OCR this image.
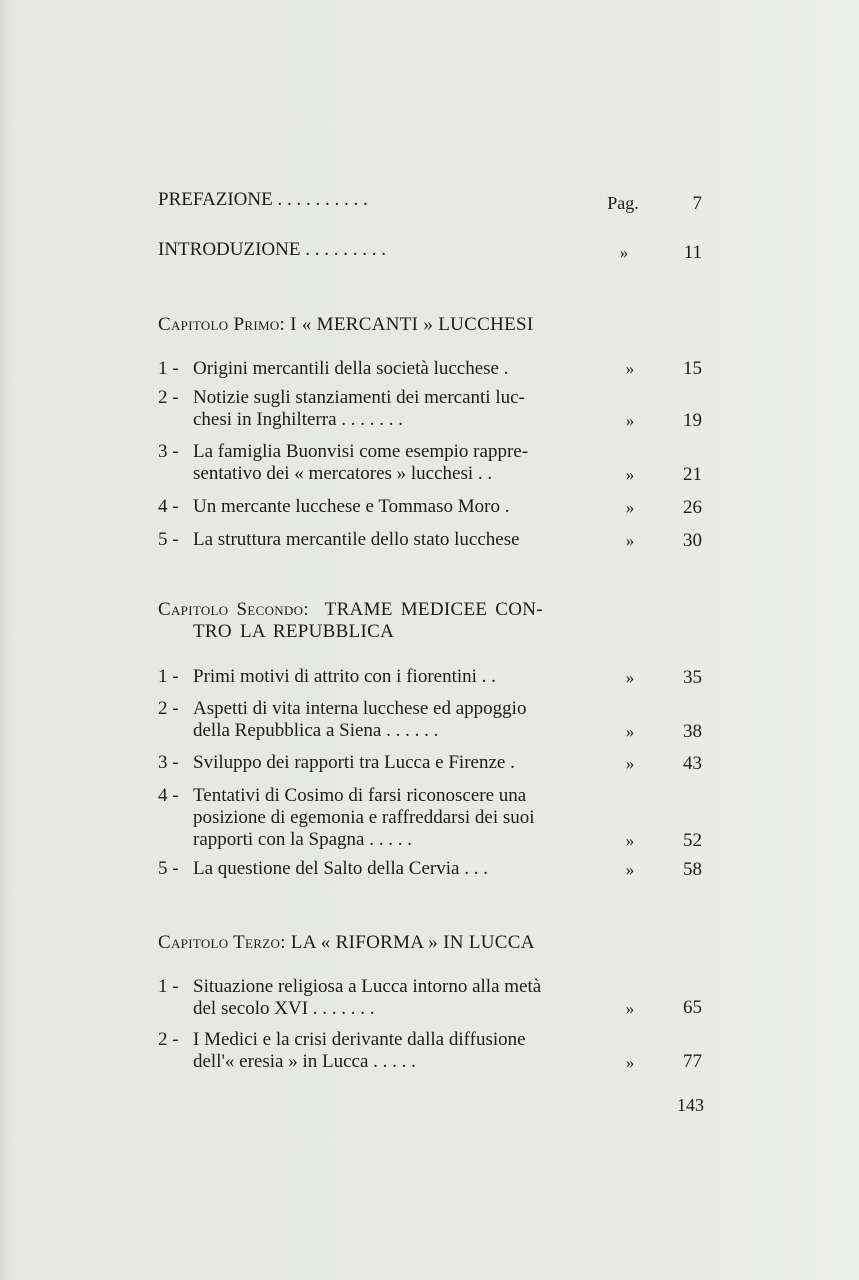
PREFAZIONE . . . . . . . . . .	Pag.	7
INTRODUZIONE . . . . . . . . .	»	11
Capitolo Primo: I « MERCANTI » LUCCHESI
1 - Origini mercantili della società lucchese .	»	15
2 - Notizie sugli stanziamenti dei mercanti luc-
chesi in Inghilterra . . . . . . .	»	19
3 - La famiglia Buonvisi come esempio rappre-
sentativo dei « mercatores » lucchesi . .	»	21
4 - Un mercante lucchese e Tommaso Moro .	»	26
5 - La struttura mercantile dello stato lucchese	»	30
Capitolo Secondo: TRAME MEDICEE CON-
TRO LA REPUBBLICA
1 - Primi motivi di attrito con i fiorentini . .	»	35
2 - Aspetti di vita interna lucchese ed appoggio
della Repubblica a Siena . . . . . .	»	38
3 - Sviluppo dei rapporti tra Lucca e Firenze .	»	43
4 - Tentativi di Cosimo di farsi riconoscere una
posizione di egemonia e raffreddarsi dei suoi
rapporti con la Spagna . . . . .	»	52
5 - La questione del Salto della Cervia . . .	»	58
Capitolo Terzo: LA « RIFORMA » IN LUCCA
1 - Situazione religiosa a Lucca intorno alla metà
del secolo XVI . . . . . . .	»	65
2 - I Medici e la crisi derivante dalla diffusione
dell'« eresia » in Lucca . . . . .	»	77
143
